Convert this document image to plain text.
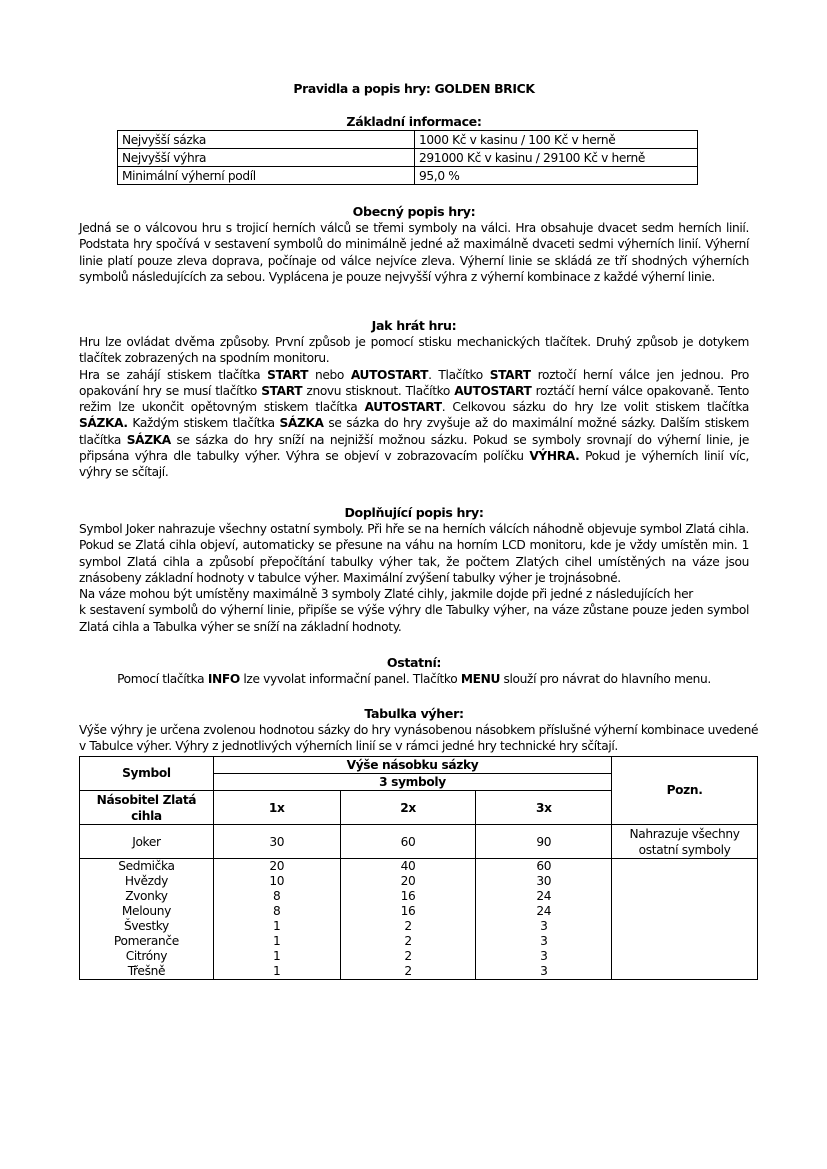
Pravidla a popis hry: GOLDEN BRICK
Základní informace:
Nejvyšší sázka	1000 Kč v kasinu / 100 Kč v herně
Nejvyšší výhra	291000 Kč v kasinu / 29100 Kč v herně
Minimální výherní podíl	95,0 %
Obecný popis hry:

Jedná se o válcovou hru s trojicí herních válců se třemi symboly na válci. Hra obsahuje dvacet sedm herních linií. Podstata hry spočívá v sestavení symbolů do minimálně jedné až maximálně dvaceti sedmi výherních linií. Výherní linie platí pouze zleva doprava, počínaje od válce nejvíce zleva. Výherní linie se skládá ze tří shodných výherních symbolů následujících za sebou. Vyplácena je pouze nejvyšší výhra z výherní kombinace z každé výherní linie.

Jak hrát hru:

Hru lze ovládat dvěma způsoby. První způsob je pomocí stisku mechanických tlačítek. Druhý způsob je dotykem tlačítek zobrazených na spodním monitoru.

Hra se zahájí stiskem tlačítka START nebo AUTOSTART. Tlačítko START roztočí herní válce jen jednou. Pro opakování hry se musí tlačítko START znovu stisknout. Tlačítko AUTOSTART roztáčí herní válce opakovaně. Tento režim lze ukončit opětovným stiskem tlačítka AUTOSTART. Celkovou sázku do hry lze volit stiskem tlačítka SÁZKA. Každým stiskem tlačítka SÁZKA se sázka do hry zvyšuje až do maximální možné sázky. Dalším stiskem tlačítka SÁZKA se sázka do hry sníží na nejnižší možnou sázku. Pokud se symboly srovnají do výherní linie, je připsána výhra dle tabulky výher. Výhra se objeví v zobrazovacím políčku VÝHRA. Pokud je výherních linií víc, výhry se sčítají.

Doplňující popis hry:

Symbol Joker nahrazuje všechny ostatní symboly. Při hře se na herních válcích náhodně objevuje symbol Zlatá cihla. Pokud se Zlatá cihla objeví, automaticky se přesune na váhu na horním LCD monitoru, kde je vždy umístěn min. 1 symbol Zlatá cihla a způsobí přepočítání tabulky výher tak, že počtem Zlatých cihel umístěných na váze jsou znásobeny základní hodnoty v tabulce výher. Maximální zvýšení tabulky výher je trojnásobné.

Na váze mohou být umístěny maximálně 3 symboly Zlaté cihly, jakmile dojde při jedné z následujících her

k sestavení symbolů do výherní linie, připíše se výše výhry dle Tabulky výher, na váze zůstane pouze jeden symbol Zlatá cihla a Tabulka výher se sníží na základní hodnoty.

Ostatní:

Pomocí tlačítka INFO lze vyvolat informační panel. Tlačítko MENU slouží pro návrat do hlavního menu.

Tabulka výher:

Výše výhry je určena zvolenou hodnotou sázky do hry vynásobenou násobkem příslušné výherní kombinace uvedené v Tabulce výher. Výhry z jednotlivých výherních linií se v rámci jedné hry technické hry sčítají.

Symbol	Výše násobku sázky			Pozn.
	3 symboly			
Násobitel Zlatá cihla	1x	2x	3x	
Joker	30	60	90	Nahrazuje všechny ostatní symboly
Sedmička	20	40	60	
Hvězdy	10	20	30	
Zvonky	8	16	24	
Melouny	8	16	24	
Švestky	1	2	3	
Pomeranče	1	2	3	
Citróny	1	2	3	
Třešně	1	2	3	
